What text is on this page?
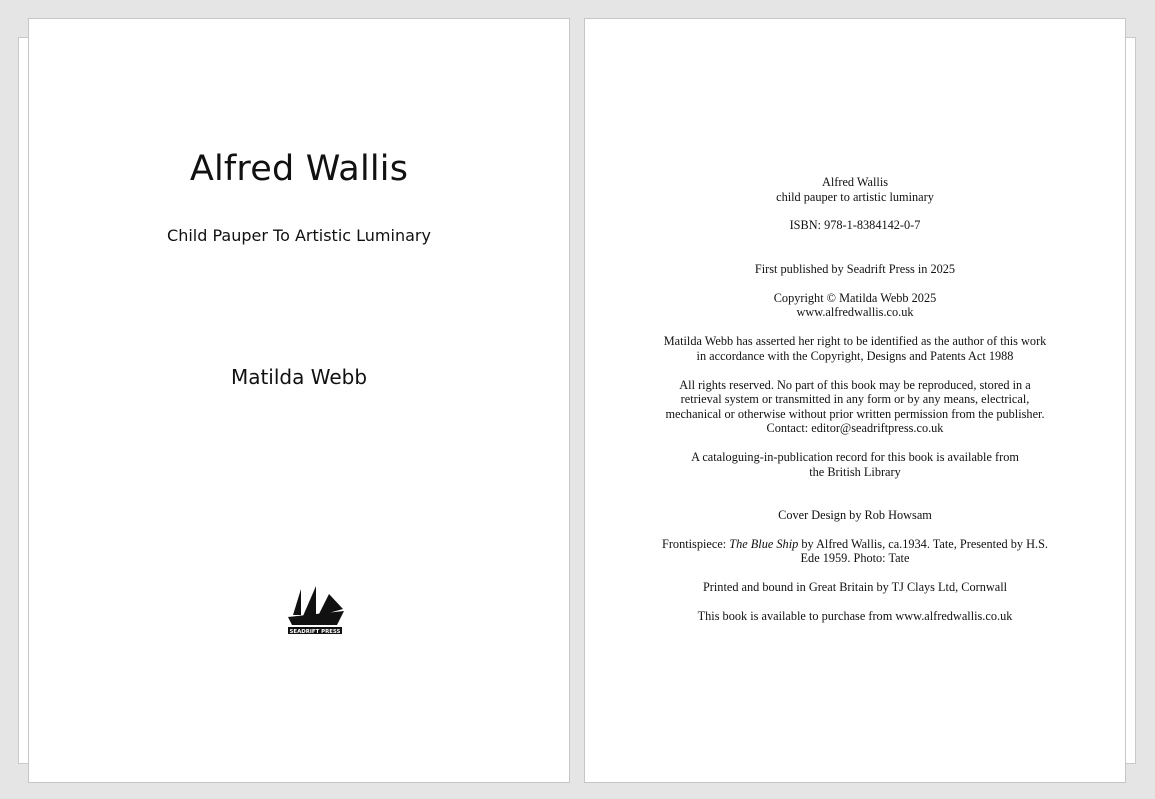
Alfred Wallis
Child Pauper To Artistic Luminary
Matilda Webb
SEADRIFT PRESS

Alfred Wallis

child pauper to artistic luminary

ISBN: 978-1-8384142-0-7

First published by Seadrift Press in 2025

Copyright © Matilda Webb 2025

www.alfredwallis.co.uk

Matilda Webb has asserted her right to be identified as the author of this work

in accordance with the Copyright, Designs and Patents Act 1988

All rights reserved. No part of this book may be reproduced, stored in a

retrieval system or transmitted in any form or by any means, electrical,

mechanical or otherwise without prior written permission from the publisher.

Contact: editor@seadriftpress.co.uk

A cataloguing-in-publication record for this book is available from

the British Library

Cover Design by Rob Howsam

Frontispiece: The Blue Ship by Alfred Wallis, ca.1934. Tate, Presented by H.S.

Ede 1959. Photo: Tate

Printed and bound in Great Britain by TJ Clays Ltd, Cornwall

This book is available to purchase from www.alfredwallis.co.uk
